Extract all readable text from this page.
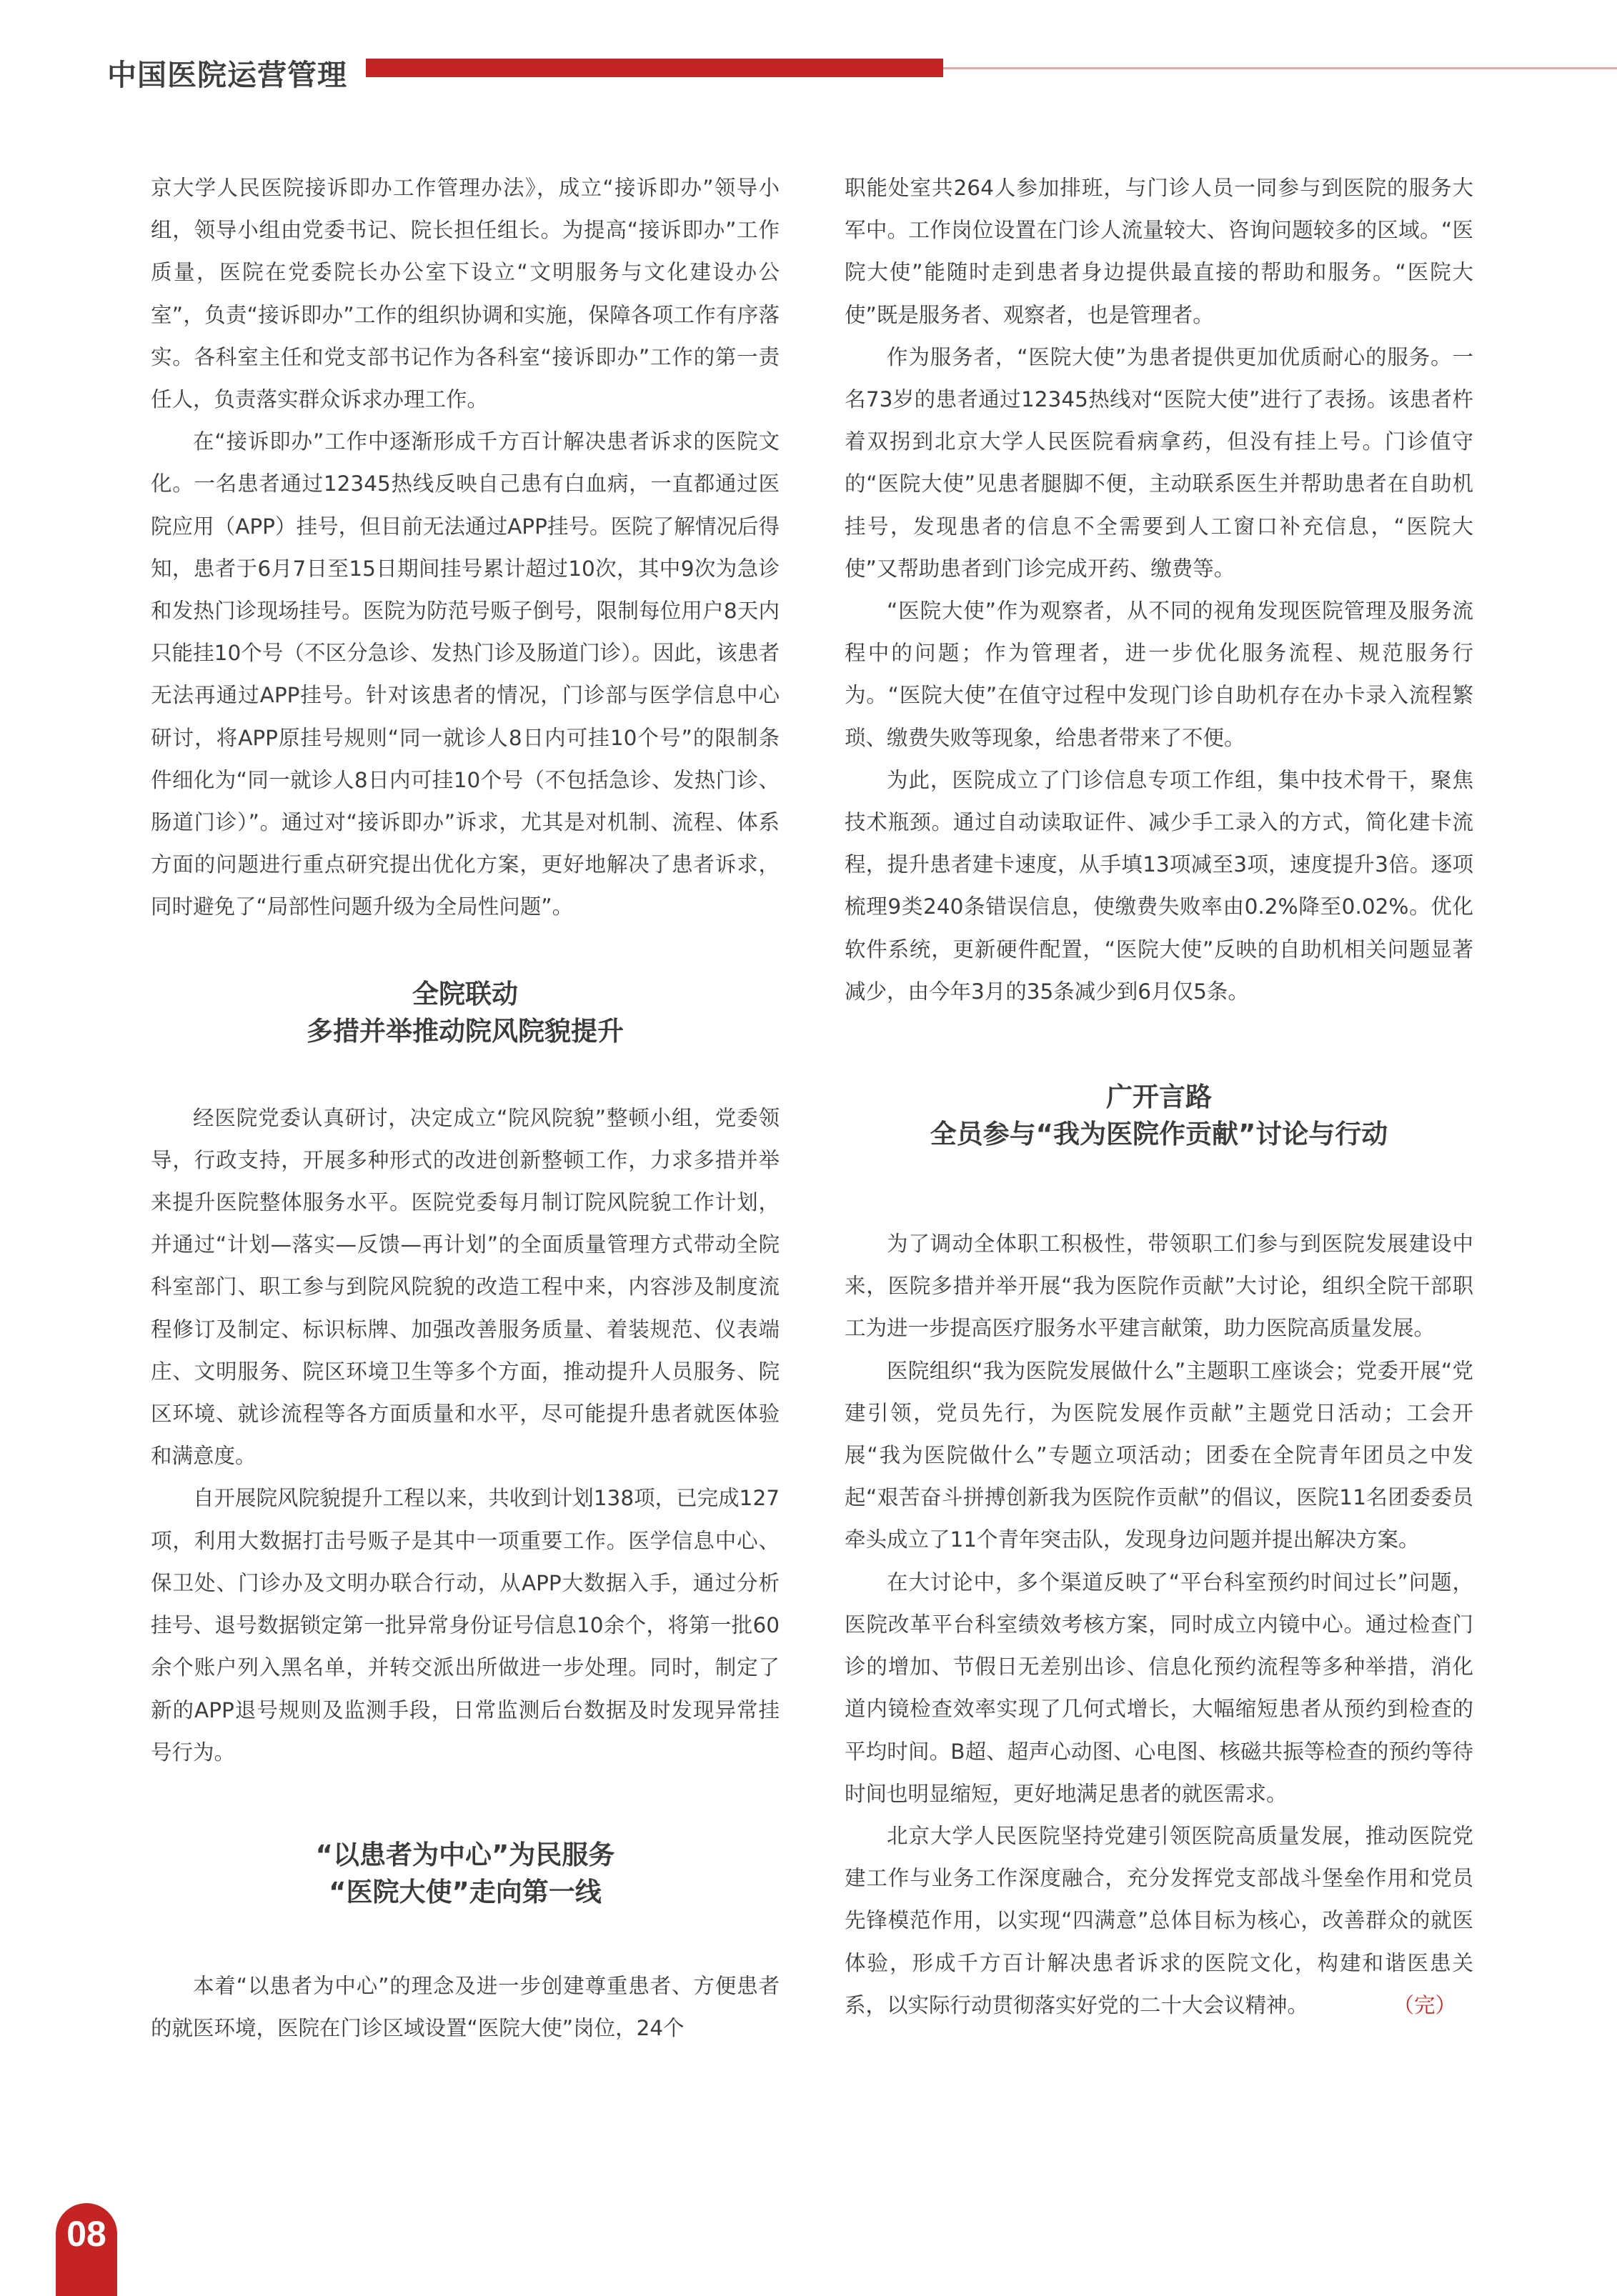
中国医院运营管理

京大学人民医院接诉即办工作管理办法》，成立“接诉即办”领导小组，领导小组由党委书记、院长担任组长。为提高“接诉即办”工作质量，医院在党委院长办公室下设立“文明服务与文化建设办公室”，负责“接诉即办”工作的组织协调和实施，保障各项工作有序落实。各科室主任和党支部书记作为各科室“接诉即办”工作的第一责任人，负责落实群众诉求办理工作。

在“接诉即办”工作中逐渐形成千方百计解决患者诉求的医院文化。一名患者通过12345热线反映自己患有白血病，一直都通过医院应用（APP）挂号，但目前无法通过APP挂号。医院了解情况后得知，患者于6月7日至15日期间挂号累计超过10次，其中9次为急诊和发热门诊现场挂号。医院为防范号贩子倒号，限制每位用户8天内只能挂10个号（不区分急诊、发热门诊及肠道门诊）。因此，该患者无法再通过APP挂号。针对该患者的情况，门诊部与医学信息中心研讨，将APP原挂号规则“同一就诊人8日内可挂10个号”的限制条件细化为“同一就诊人8日内可挂10个号（不包括急诊、发热门诊、肠道门诊）”。通过对“接诉即办”诉求，尤其是对机制、流程、体系方面的问题进行重点研究提出优化方案，更好地解决了患者诉求，同时避免了“局部性问题升级为全局性问题”。

全院联动
多措并举推动院风院貌提升

经医院党委认真研讨，决定成立“院风院貌”整顿小组，党委领导，行政支持，开展多种形式的改进创新整顿工作，力求多措并举来提升医院整体服务水平。医院党委每月制订院风院貌工作计划，并通过“计划—落实—反馈—再计划”的全面质量管理方式带动全院科室部门、职工参与到院风院貌的改造工程中来，内容涉及制度流程修订及制定、标识标牌、加强改善服务质量、着装规范、仪表端庄、文明服务、院区环境卫生等多个方面，推动提升人员服务、院区环境、就诊流程等各方面质量和水平，尽可能提升患者就医体验和满意度。

自开展院风院貌提升工程以来，共收到计划138项，已完成127项，利用大数据打击号贩子是其中一项重要工作。医学信息中心、保卫处、门诊办及文明办联合行动，从APP大数据入手，通过分析挂号、退号数据锁定第一批异常身份证号信息10余个，将第一批60余个账户列入黑名单，并转交派出所做进一步处理。同时，制定了新的APP退号规则及监测手段，日常监测后台数据及时发现异常挂号行为。

“以患者为中心”为民服务
“医院大使”走向第一线

本着“以患者为中心”的理念及进一步创建尊重患者、方便患者的就医环境，医院在门诊区域设置“医院大使”岗位，24个

职能处室共264人参加排班，与门诊人员一同参与到医院的服务大军中。工作岗位设置在门诊人流量较大、咨询问题较多的区域。“医院大使”能随时走到患者身边提供最直接的帮助和服务。“医院大使”既是服务者、观察者，也是管理者。

作为服务者，“医院大使”为患者提供更加优质耐心的服务。一名73岁的患者通过12345热线对“医院大使”进行了表扬。该患者杵着双拐到北京大学人民医院看病拿药，但没有挂上号。门诊值守的“医院大使”见患者腿脚不便，主动联系医生并帮助患者在自助机挂号，发现患者的信息不全需要到人工窗口补充信息，“医院大使”又帮助患者到门诊完成开药、缴费等。

“医院大使”作为观察者，从不同的视角发现医院管理及服务流程中的问题；作为管理者，进一步优化服务流程、规范服务行为。“医院大使”在值守过程中发现门诊自助机存在办卡录入流程繁琐、缴费失败等现象，给患者带来了不便。

为此，医院成立了门诊信息专项工作组，集中技术骨干，聚焦技术瓶颈。通过自动读取证件、减少手工录入的方式，简化建卡流程，提升患者建卡速度，从手填13项减至3项，速度提升3倍。逐项梳理9类240条错误信息，使缴费失败率由0.2%降至0.02%。优化软件系统，更新硬件配置，“医院大使”反映的自助机相关问题显著减少，由今年3月的35条减少到6月仅5条。

广开言路
全员参与“我为医院作贡献”讨论与行动

为了调动全体职工积极性，带领职工们参与到医院发展建设中来，医院多措并举开展“我为医院作贡献”大讨论，组织全院干部职工为进一步提高医疗服务水平建言献策，助力医院高质量发展。

医院组织“我为医院发展做什么”主题职工座谈会；党委开展“党建引领，党员先行，为医院发展作贡献”主题党日活动；工会开展“我为医院做什么”专题立项活动；团委在全院青年团员之中发起“艰苦奋斗拼搏创新我为医院作贡献”的倡议，医院11名团委委员牵头成立了11个青年突击队，发现身边问题并提出解决方案。

在大讨论中，多个渠道反映了“平台科室预约时间过长”问题，医院改革平台科室绩效考核方案，同时成立内镜中心。通过检查门诊的增加、节假日无差别出诊、信息化预约流程等多种举措，消化道内镜检查效率实现了几何式增长，大幅缩短患者从预约到检查的平均时间。B超、超声心动图、心电图、核磁共振等检查的预约等待时间也明显缩短，更好地满足患者的就医需求。

北京大学人民医院坚持党建引领医院高质量发展，推动医院党建工作与业务工作深度融合，充分发挥党支部战斗堡垒作用和党员先锋模范作用，以实现“四满意”总体目标为核心，改善群众的就医体验，形成千方百计解决患者诉求的医院文化，构建和谐医患关系，以实际行动贯彻落实好党的二十大会议精神。	（完）

08
